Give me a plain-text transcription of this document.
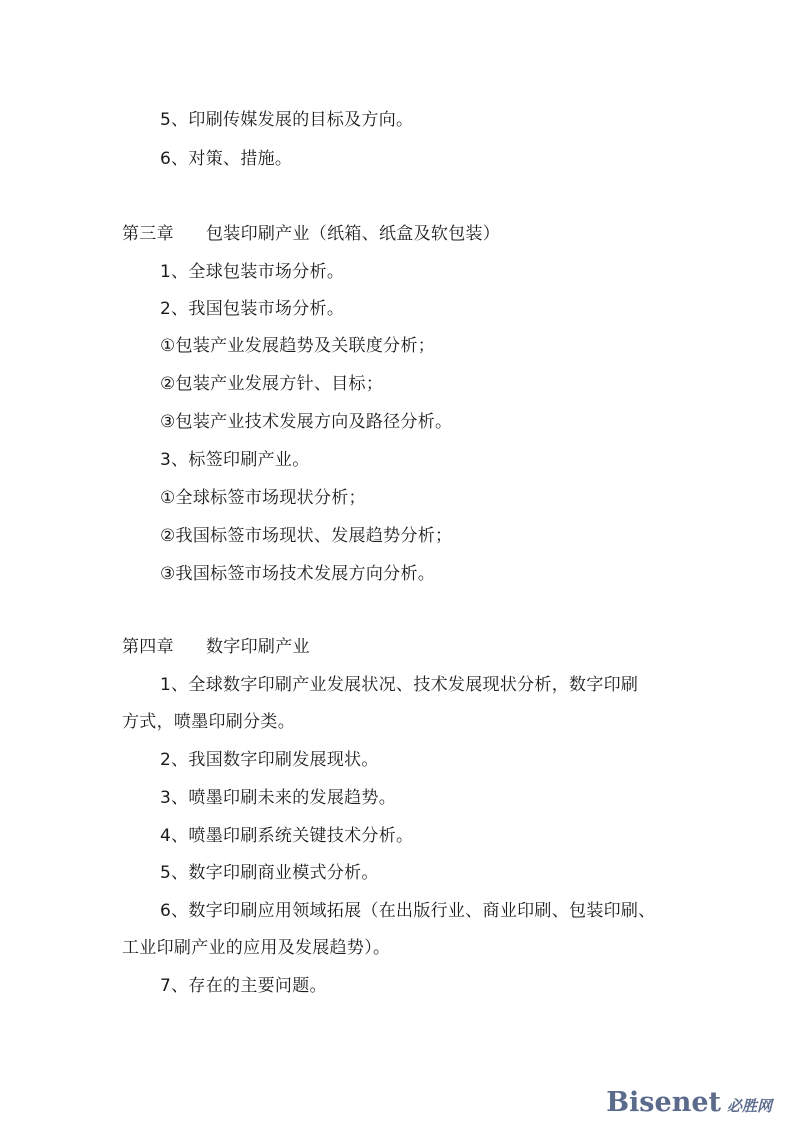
5、印刷传媒发展的目标及方向。
6、对策、措施。
第三章 包装印刷产业（纸箱、纸盒及软包装）
1、全球包装市场分析。
2、我国包装市场分析。
①包装产业发展趋势及关联度分析；
②包装产业发展方针、目标；
③包装产业技术发展方向及路径分析。
3、标签印刷产业。
①全球标签市场现状分析；
②我国标签市场现状、发展趋势分析；
③我国标签市场技术发展方向分析。
第四章 数字印刷产业
1、全球数字印刷产业发展状况、技术发展现状分析，数字印刷
方式，喷墨印刷分类。
2、我国数字印刷发展现状。
3、喷墨印刷未来的发展趋势。
4、喷墨印刷系统关键技术分析。
5、数字印刷商业模式分析。
6、数字印刷应用领域拓展（在出版行业、商业印刷、包装印刷、
工业印刷产业的应用及发展趋势）。
7、存在的主要问题。
Bisenet 必胜网
